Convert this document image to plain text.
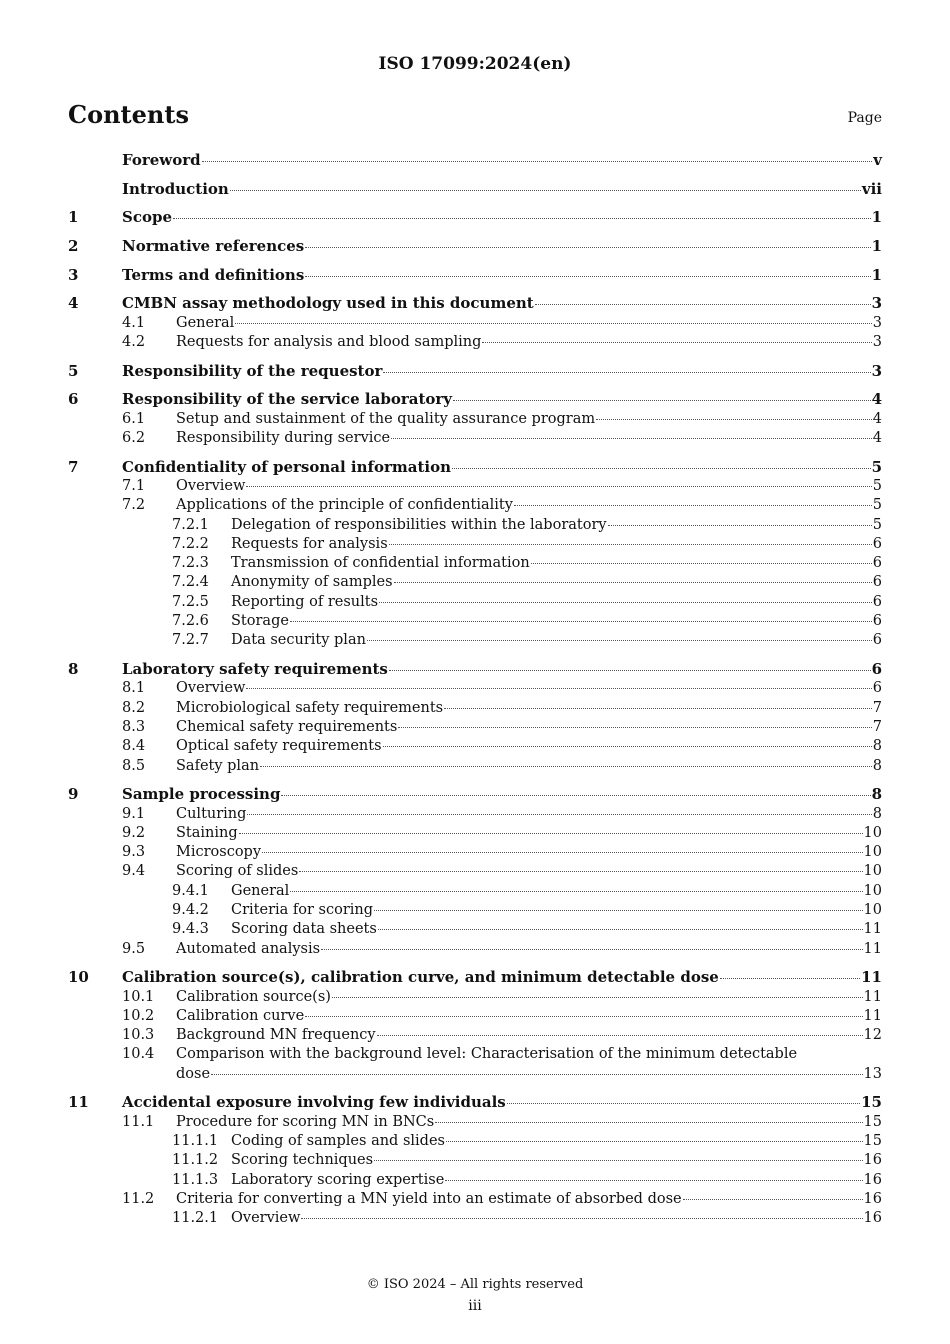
ISO 17099:2024(en)
Contents	Page
Foreword	v
Introduction	vii
1	Scope	1
2	Normative references	1
3	Terms and definitions	1
4	CMBN assay methodology used in this document	3
4.1	General	3
4.2	Requests for analysis and blood sampling	3
5	Responsibility of the requestor	3
6	Responsibility of the service laboratory	4
6.1	Setup and sustainment of the quality assurance program	4
6.2	Responsibility during service	4
7	Confidentiality of personal information	5
7.1	Overview	5
7.2	Applications of the principle of confidentiality	5
7.2.1	Delegation of responsibilities within the laboratory	5
7.2.2	Requests for analysis	6
7.2.3	Transmission of confidential information	6
7.2.4	Anonymity of samples	6
7.2.5	Reporting of results	6
7.2.6	Storage	6
7.2.7	Data security plan	6
8	Laboratory safety requirements	6
8.1	Overview	6
8.2	Microbiological safety requirements	7
8.3	Chemical safety requirements	7
8.4	Optical safety requirements	8
8.5	Safety plan	8
9	Sample processing	8
9.1	Culturing	8
9.2	Staining	10
9.3	Microscopy	10
9.4	Scoring of slides	10
9.4.1	General	10
9.4.2	Criteria for scoring	10
9.4.3	Scoring data sheets	11
9.5	Automated analysis	11
10	Calibration source(s), calibration curve, and minimum detectable dose	11
10.1	Calibration source(s)	11
10.2	Calibration curve	11
10.3	Background MN frequency	12
10.4	Comparison with the background level: Characterisation of the minimum detectable
dose	13
11	Accidental exposure involving few individuals	15
11.1	Procedure for scoring MN in BNCs	15
11.1.1 Coding of samples and slides	15
11.1.2 Scoring techniques	16
11.1.3 Laboratory scoring expertise	16
11.2	Criteria for converting a MN yield into an estimate of absorbed dose	16
11.2.1 Overview	16
© ISO 2024 – All rights reserved
iii
